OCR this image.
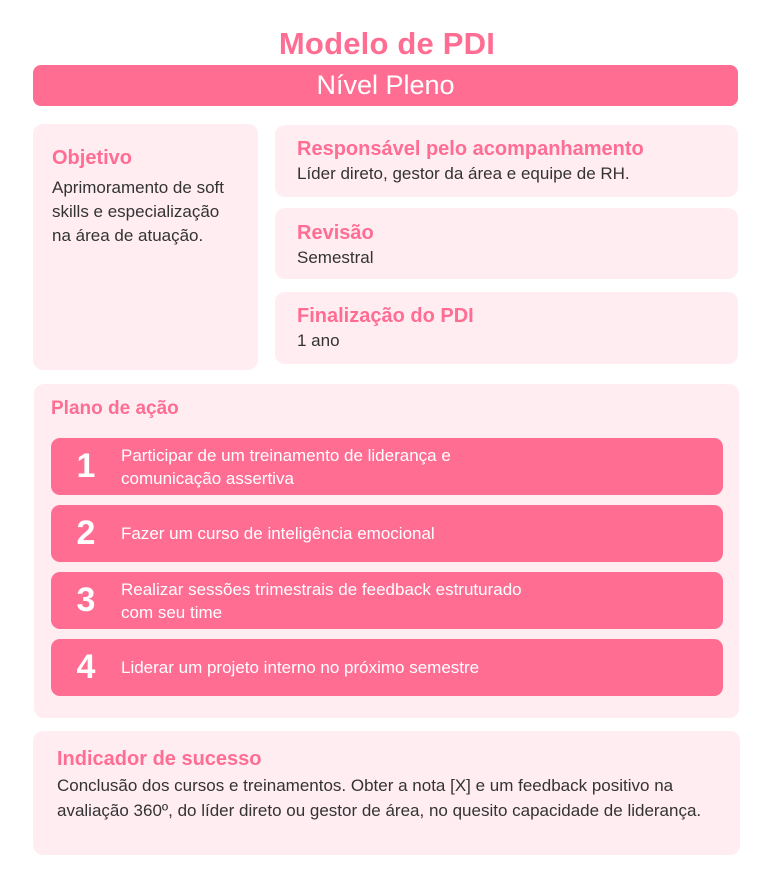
Modelo de PDI
Nível Pleno
Objetivo
Aprimoramento de soft skills e especialização na área de atuação.
Responsável pelo acompanhamento
Líder direto, gestor da área e equipe de RH.
Revisão
Semestral
Finalização do PDI
1 ano
Plano de ação
1	Participar de um treinamento de liderança e comunicação assertiva
2	Fazer um curso de inteligência emocional
3	Realizar sessões trimestrais de feedback estruturado com seu time
4	Liderar um projeto interno no próximo semestre
Indicador de sucesso
Conclusão dos cursos e treinamentos. Obter a nota [X] e um feedback positivo na avaliação 360º, do líder direto ou gestor de área, no quesito capacidade de liderança.
